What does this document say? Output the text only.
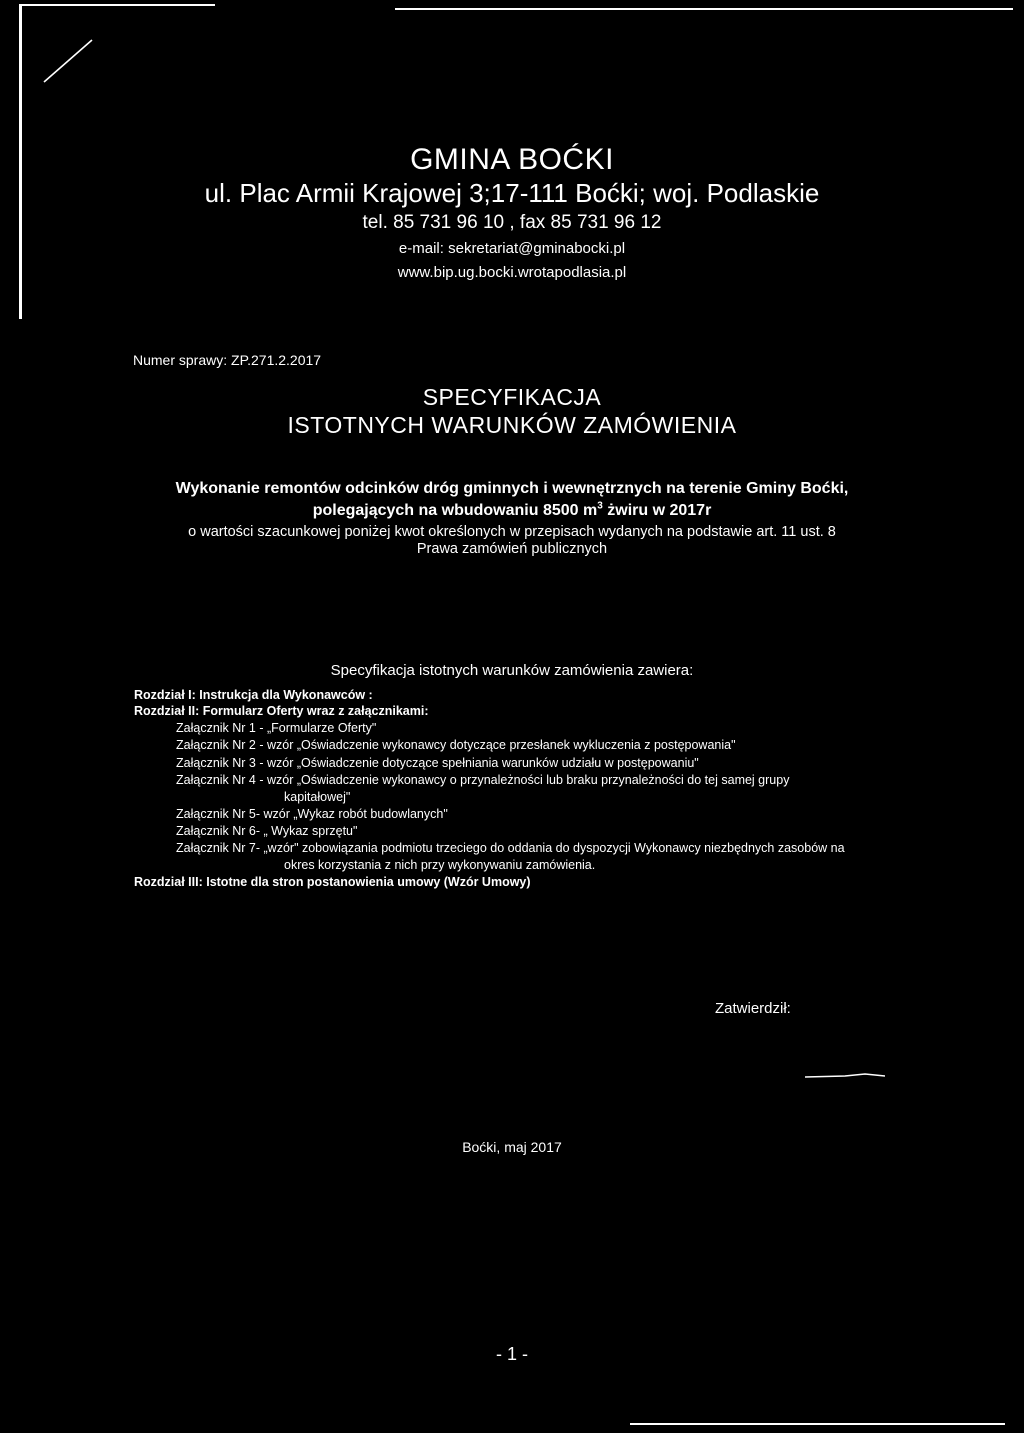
GMINA BOĆKI
ul. Plac Armii Krajowej 3;17-111 Boćki; woj. Podlaskie
tel. 85 731 96 10 , fax 85 731 96 12
e-mail: sekretariat@gminabocki.pl
www.bip.ug.bocki.wrotapodlasia.pl
Numer sprawy: ZP.271.2.2017
SPECYFIKACJA
ISTOTNYCH WARUNKÓW ZAMÓWIENIA
Wykonanie remontów odcinków dróg gminnych i wewnętrznych na terenie Gminy Boćki,
polegających na wbudowaniu 8500 $m^3$ żwiru w 2017r
o wartości szacunkowej poniżej kwot określonych w przepisach wydanych na podstawie art. 11 ust. 8
Prawa zamówień publicznych
Specyfikacja istotnych warunków zamówienia zawiera:
Rozdział I: Instrukcja dla Wykonawców :
Rozdział II: Formularz Oferty wraz z załącznikami:
Załącznik Nr 1 - „Formularze Oferty"
Załącznik Nr 2 - wzór „Oświadczenie wykonawcy dotyczące przesłanek wykluczenia z postępowania"
Załącznik Nr 3 - wzór „Oświadczenie dotyczące spełniania warunków udziału w postępowaniu"
Załącznik Nr 4 - wzór „Oświadczenie wykonawcy o przynależności lub braku przynależności do tej samej grupy
kapitałowej"
Załącznik Nr 5- wzór „Wykaz robót budowlanych"
Załącznik Nr 6- „ Wykaz sprzętu"
Załącznik Nr 7- „wzór" zobowiązania podmiotu trzeciego do oddania do dyspozycji Wykonawcy niezbędnych zasobów na
okres korzystania z nich przy wykonywaniu zamówienia.
Rozdział III: Istotne dla stron postanowienia umowy (Wzór Umowy)
Zatwierdził:
Boćki, maj 2017
- 1 -
